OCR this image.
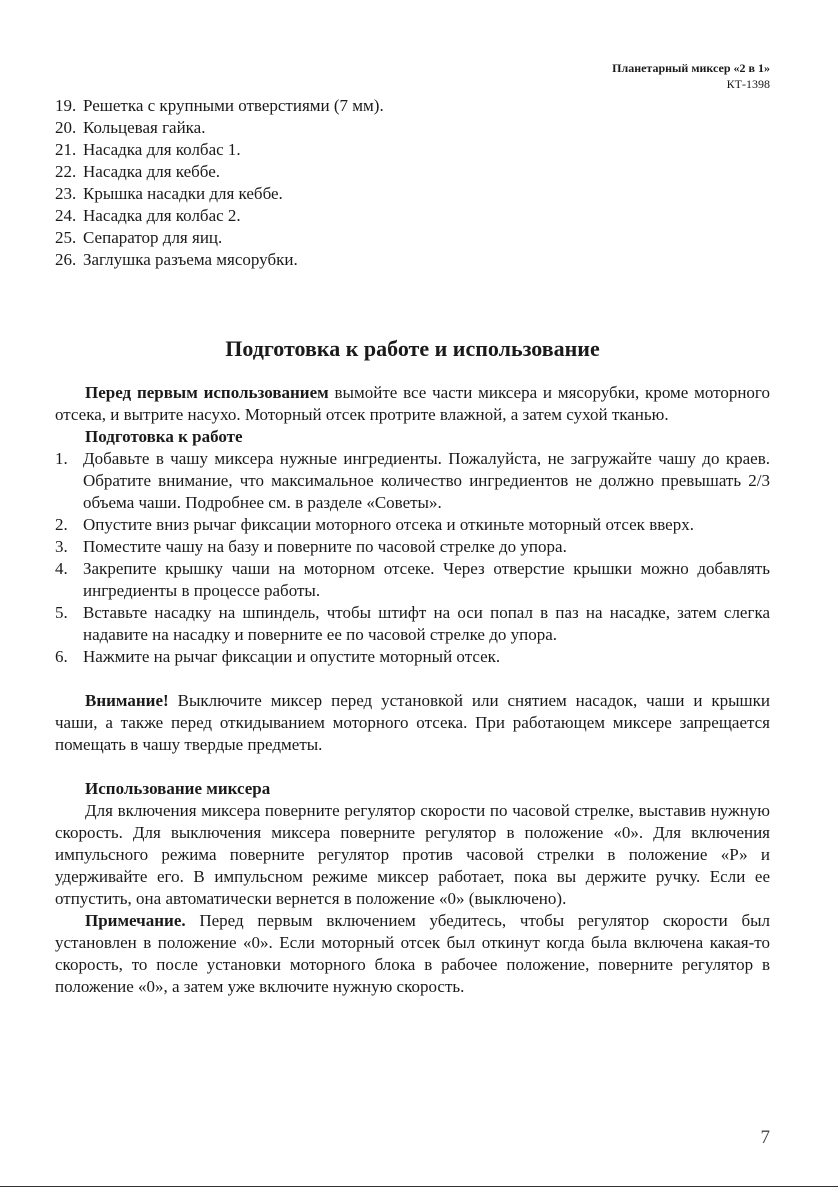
Планетарный миксер «2 в 1»
КТ-1398
19. Решетка с крупными отверстиями (7 мм).
20. Кольцевая гайка.
21. Насадка для колбас 1.
22. Насадка для кеббе.
23. Крышка насадки для кеббе.
24. Насадка для колбас 2.
25. Сепаратор для яиц.
26. Заглушка разъема мясорубки.
Подготовка к работе и использование

Перед первым использованием вымойте все части миксера и мясорубки, кроме моторного отсека, и вытрите насухо. Моторный отсек протрите влажной, а затем сухой тканью.

Подготовка к работе
1. Добавьте в чашу миксера нужные ингредиенты. Пожалуйста, не загружайте чашу до краев. Обратите внимание, что максимальное количество ингредиентов не должно превышать 2/3 объема чаши. Подробнее см. в разделе «Советы».
2. Опустите вниз рычаг фиксации моторного отсека и откиньте моторный отсек вверх.
3. Поместите чашу на базу и поверните по часовой стрелке до упора.
4. Закрепите крышку чаши на моторном отсеке. Через отверстие крышки можно добавлять ингредиенты в процессе работы.
5. Вставьте насадку на шпиндель, чтобы штифт на оси попал в паз на насадке, затем слегка надавите на насадку и поверните ее по часовой стрелке до упора.
6. Нажмите на рычаг фиксации и опустите моторный отсек.

Внимание! Выключите миксер перед установкой или снятием насадок, чаши и крышки чаши, а также перед откидыванием моторного отсека. При работающем миксере запрещается помещать в чашу твердые предметы.

Использование миксера

Для включения миксера поверните регулятор скорости по часовой стрелке, выставив нужную скорость. Для выключения миксера поверните регулятор в положение «0». Для включения импульсного режима поверните регулятор против часовой стрелки в положение «Р» и удерживайте его. В импульсном режиме миксер работает, пока вы держите ручку. Если ее отпустить, она автоматически вернется в положение «0» (выключено).

Примечание. Перед первым включением убедитесь, чтобы регулятор скорости был установлен в положение «0». Если моторный отсек был откинут когда была включена какая-то скорость, то после установки моторного блока в рабочее положение, поверните регулятор в положение «0», а затем уже включите нужную скорость.

7
